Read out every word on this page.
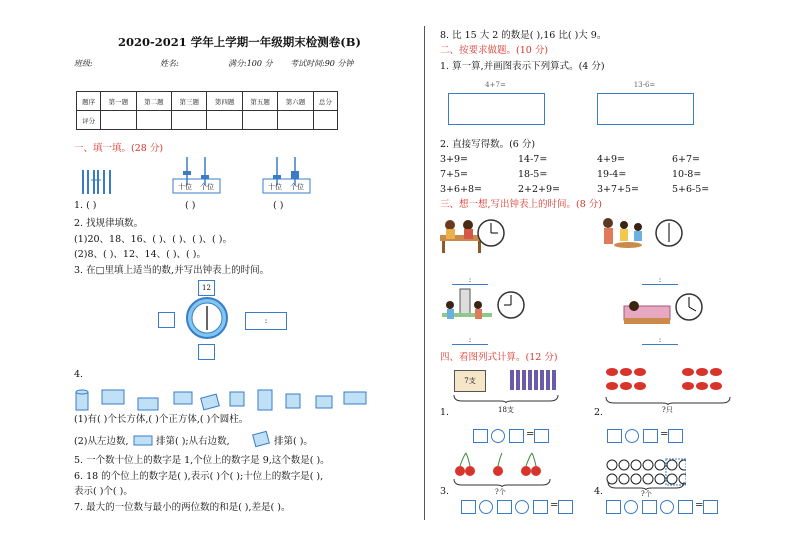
2020-2021 学年上学期一年级期末检测卷(B)
班级:	姓名:	满分:100 分 考试时间:90 分钟
题序	第一题	第二题	第三题	第四题	第五题	第六题	总分
评分							
一、填一填。(28 分)
十位 个位	十位 个位
1. ( )	( )	( )
2. 找规律填数。
(1)20、18、16、( )、( )、( )、( )。
(2)8、( )、12、14、( )、( )。
3. 在□里填上适当的数,并写出钟表上的时间。
12
:
4.
(1)有( )个长方体,( )个正方体,( )个圆柱。
(2)从左边数,	排第( );从右边数,	排第( )。
5. 一个数十位上的数字是 1,个位上的数字是 9,这个数是( )。
6. 18 的个位上的数字是( ),表示( )个( );十位上的数字是( ),
表示( )个( )。
7. 最大的一位数与最小的两位数的和是( ),差是( )。
8. 比 15 大 2 的数是( ),16 比( )大 9。
二、按要求做题。(10 分)
1. 算一算,并画图表示下列算式。(4 分)
4+7=	13-6=
2. 直接写得数。(6 分)
3+9=	14-7=	4+9=	6+7=
7+5=	18-5=	19-4=	10-8=
3+6+8=	2+2+9=	3+7+5=	5+6-5=
三、想一想,写出钟表上的时间。(8 分)
:	:
:	:
四、看图列式计算。(12 分)
7支
18支
1.
=
?只
2.
=
?个
3.
=
?个
4.
=
